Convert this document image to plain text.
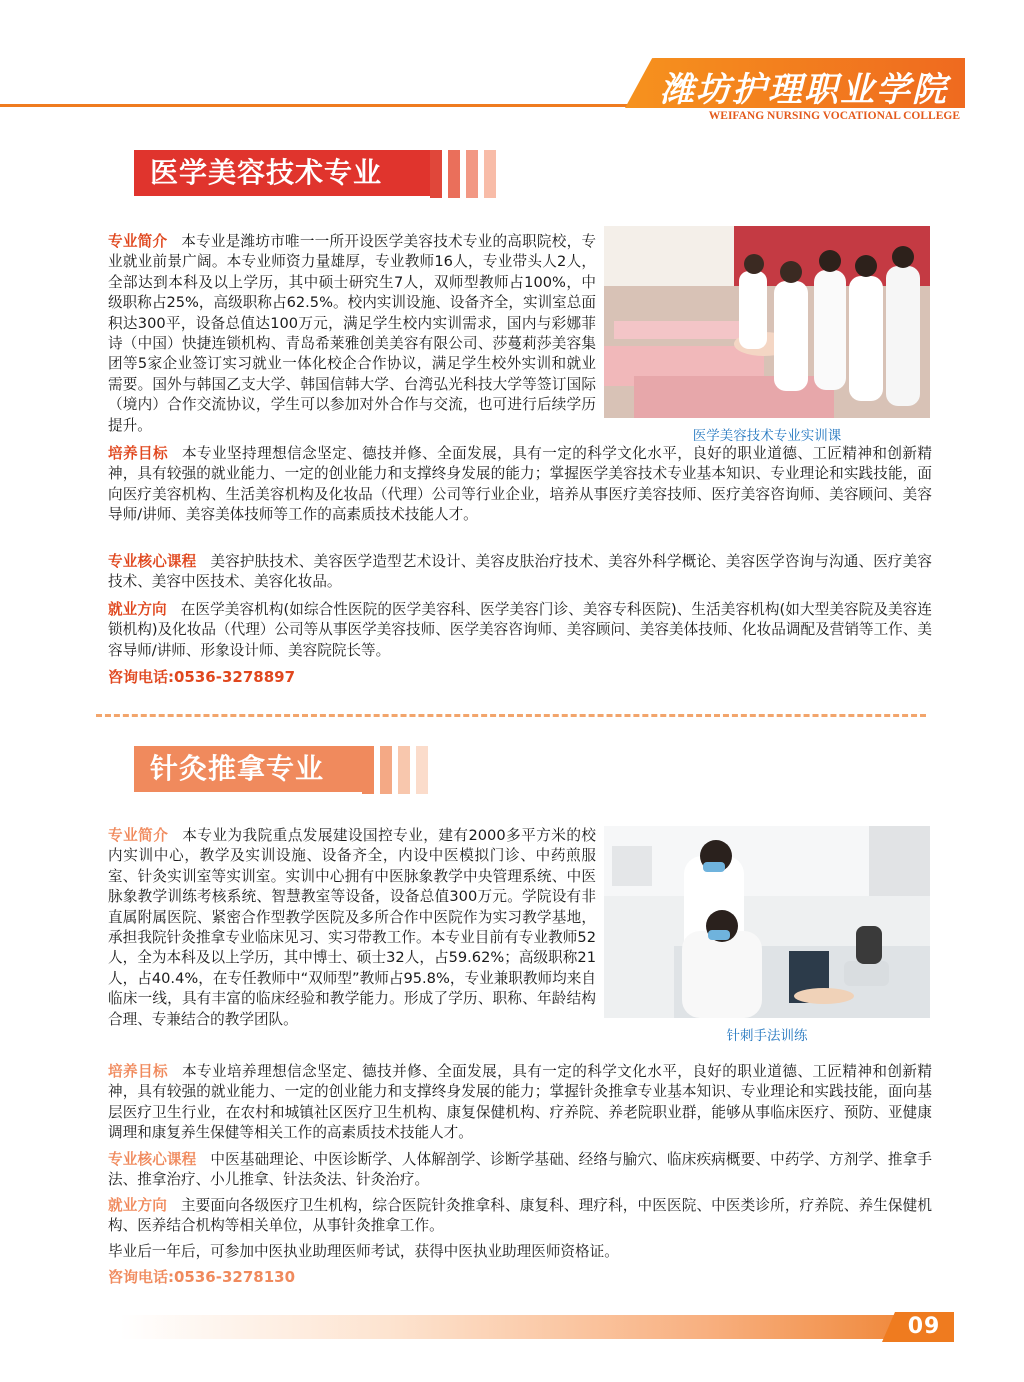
潍坊护理职业学院
WEIFANG NURSING VOCATIONAL COLLEGE
医学美容技术专业

专业简介 本专业是潍坊市唯一一所开设医学美容技术专业的高职院校，专业就业前景广阔。本专业师资力量雄厚，专业教师16人，专业带头人2人，全部达到本科及以上学历，其中硕士研究生7人，双师型教师占100%，中级职称占25%，高级职称占62.5%。校内实训设施、设备齐全，实训室总面积达300平，设备总值达100万元，满足学生校内实训需求，国内与彩娜菲诗（中国）快捷连锁机构、青岛希莱雅创美美容有限公司、莎蔓莉莎美容集团等5家企业签订实习就业一体化校企合作协议，满足学生校外实训和就业需要。国外与韩国乙支大学、韩国信韩大学、台湾弘光科技大学等签订国际（境内）合作交流协议，学生可以参加对外合作与交流，也可进行后续学历提升。

医学美容技术专业实训课

培养目标 本专业坚持理想信念坚定、德技并修、全面发展，具有一定的科学文化水平，良好的职业道德、工匠精神和创新精神，具有较强的就业能力、一定的创业能力和支撑终身发展的能力；掌握医学美容技术专业基本知识、专业理论和实践技能，面向医疗美容机构、生活美容机构及化妆品（代理）公司等行业企业，培养从事医疗美容技师、医疗美容咨询师、美容顾问、美容导师/讲师、美容美体技师等工作的高素质技术技能人才。

专业核心课程 美容护肤技术、美容医学造型艺术设计、美容皮肤治疗技术、美容外科学概论、美容医学咨询与沟通、医疗美容技术、美容中医技术、美容化妆品。

就业方向 在医学美容机构(如综合性医院的医学美容科、医学美容门诊、美容专科医院)、生活美容机构(如大型美容院及美容连锁机构)及化妆品（代理）公司等从事医学美容技师、医学美容咨询师、美容顾问、美容美体技师、化妆品调配及营销等工作、美容导师/讲师、形象设计师、美容院院长等。

咨询电话:0536-3278897
针灸推拿专业

专业简介 本专业为我院重点发展建设国控专业，建有2000多平方米的校内实训中心，教学及实训设施、设备齐全，内设中医模拟门诊、中药煎服室、针灸实训室等实训室。实训中心拥有中医脉象教学中央管理系统、中医脉象教学训练考核系统、智慧教室等设备，设备总值300万元。学院设有非直属附属医院、紧密合作型教学医院及多所合作中医院作为实习教学基地，承担我院针灸推拿专业临床见习、实习带教工作。本专业目前有专业教师52人，全为本科及以上学历，其中博士、硕士32人，占59.62%；高级职称21人，占40.4%，在专任教师中“双师型”教师占95.8%，专业兼职教师均来自临床一线，具有丰富的临床经验和教学能力。形成了学历、职称、年龄结构合理、专兼结合的教学团队。

针刺手法训练

培养目标 本专业培养理想信念坚定、德技并修、全面发展，具有一定的科学文化水平，良好的职业道德、工匠精神和创新精神，具有较强的就业能力、一定的创业能力和支撑终身发展的能力；掌握针灸推拿专业基本知识、专业理论和实践技能，面向基层医疗卫生行业，在农村和城镇社区医疗卫生机构、康复保健机构、疗养院、养老院职业群，能够从事临床医疗、预防、亚健康调理和康复养生保健等相关工作的高素质技术技能人才。

专业核心课程 中医基础理论、中医诊断学、人体解剖学、诊断学基础、经络与腧穴、临床疾病概要、中药学、方剂学、推拿手法、推拿治疗、小儿推拿、针法灸法、针灸治疗。

就业方向 主要面向各级医疗卫生机构，综合医院针灸推拿科、康复科、理疗科，中医医院、中医类诊所，疗养院、养生保健机构、医养结合机构等相关单位，从事针灸推拿工作。

毕业后一年后，可参加中医执业助理医师考试，获得中医执业助理医师资格证。

咨询电话:0536-3278130
09
